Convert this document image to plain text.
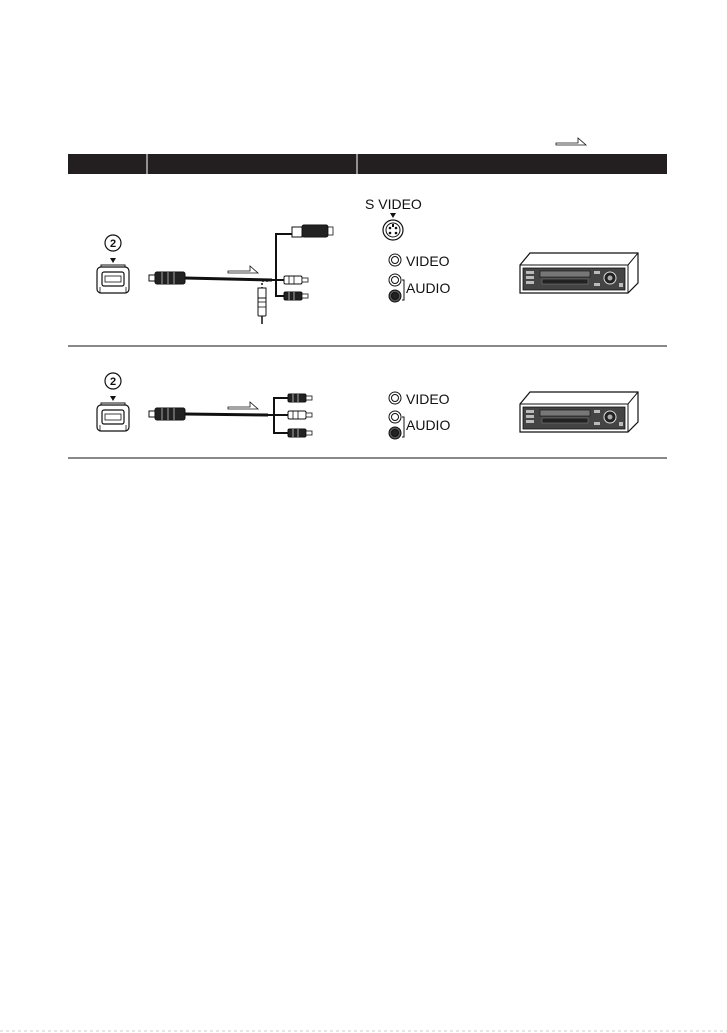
2
S VIDEO
VIDEO
AUDIO
2
VIDEO
AUDIO
